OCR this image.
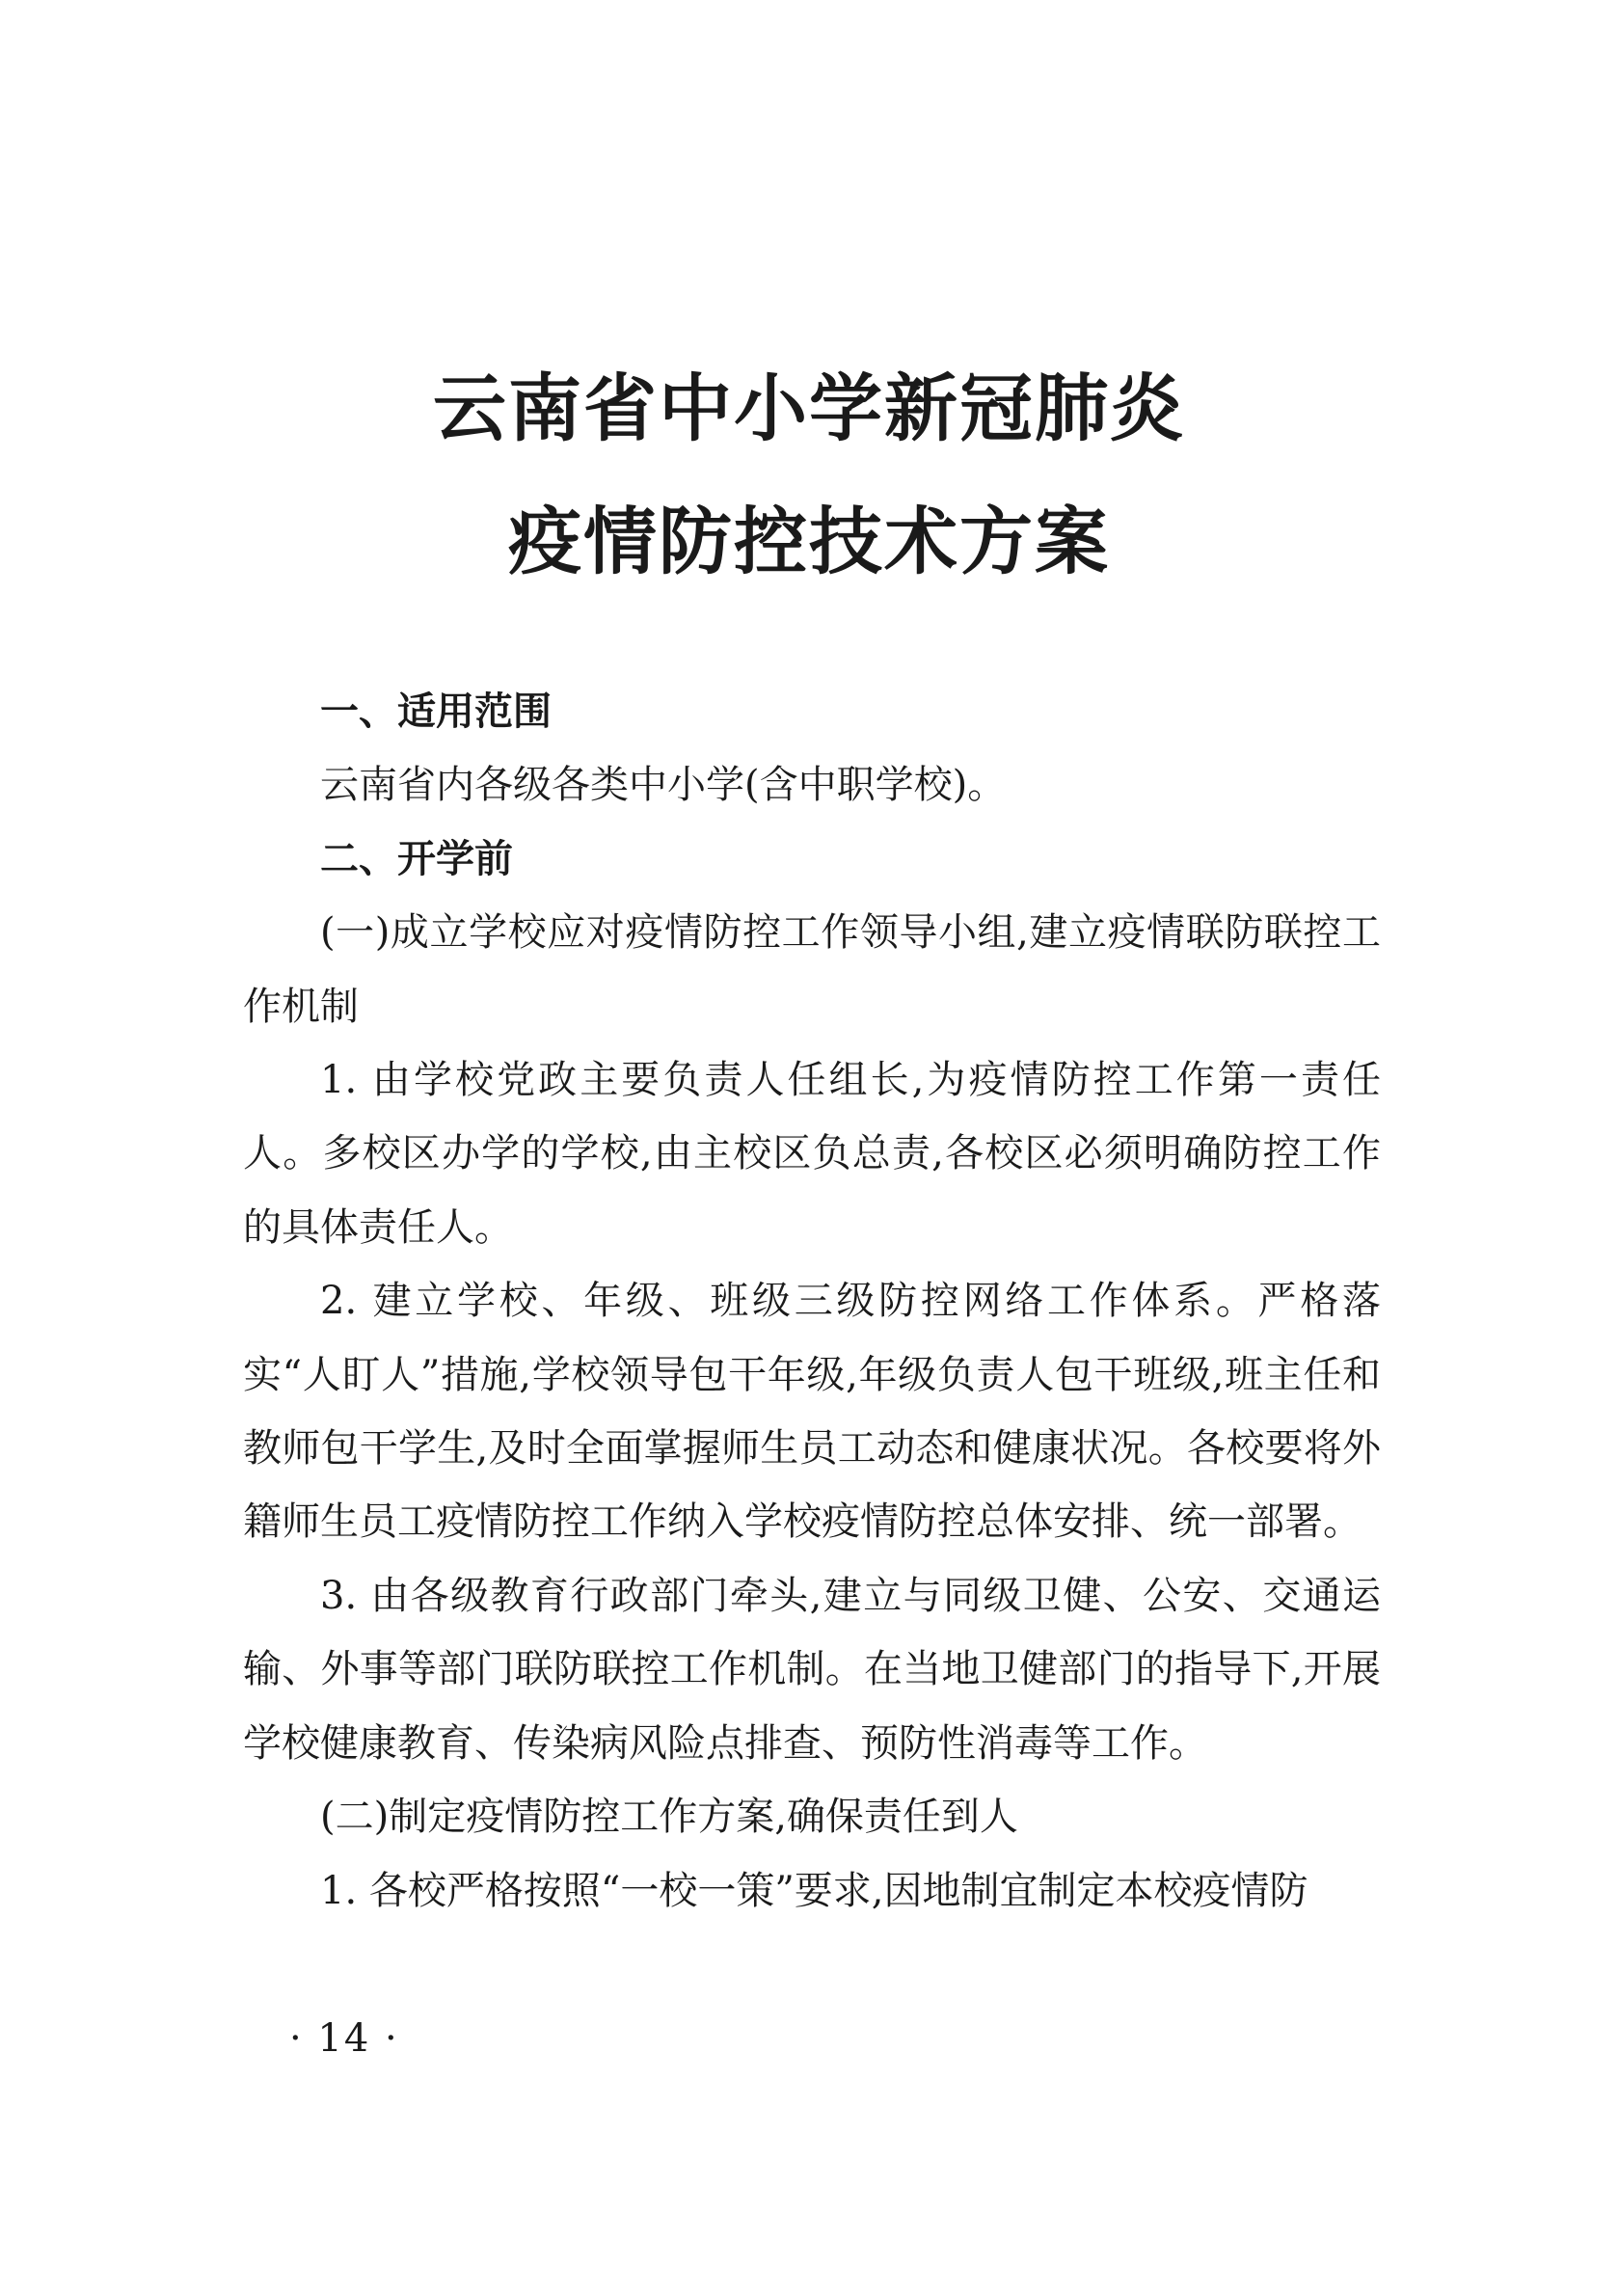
云南省中小学新冠肺炎
疫情防控技术方案

一、适用范围

云南省内各级各类中小学(含中职学校)。

二、开学前

(一)成立学校应对疫情防控工作领导小组,建立疫情联防联控工作机制

1. 由学校党政主要负责人任组长,为疫情防控工作第一责任人。多校区办学的学校,由主校区负总责,各校区必须明确防控工作的具体责任人。

2. 建立学校、年级、班级三级防控网络工作体系。严格落实“人盯人”措施,学校领导包干年级,年级负责人包干班级,班主任和教师包干学生,及时全面掌握师生员工动态和健康状况。各校要将外籍师生员工疫情防控工作纳入学校疫情防控总体安排、统一部署。

3. 由各级教育行政部门牵头,建立与同级卫健、公安、交通运输、外事等部门联防联控工作机制。在当地卫健部门的指导下,开展学校健康教育、传染病风险点排查、预防性消毒等工作。

(二)制定疫情防控工作方案,确保责任到人

1. 各校严格按照“一校一策”要求,因地制宜制定本校疫情防

· 14 ·
